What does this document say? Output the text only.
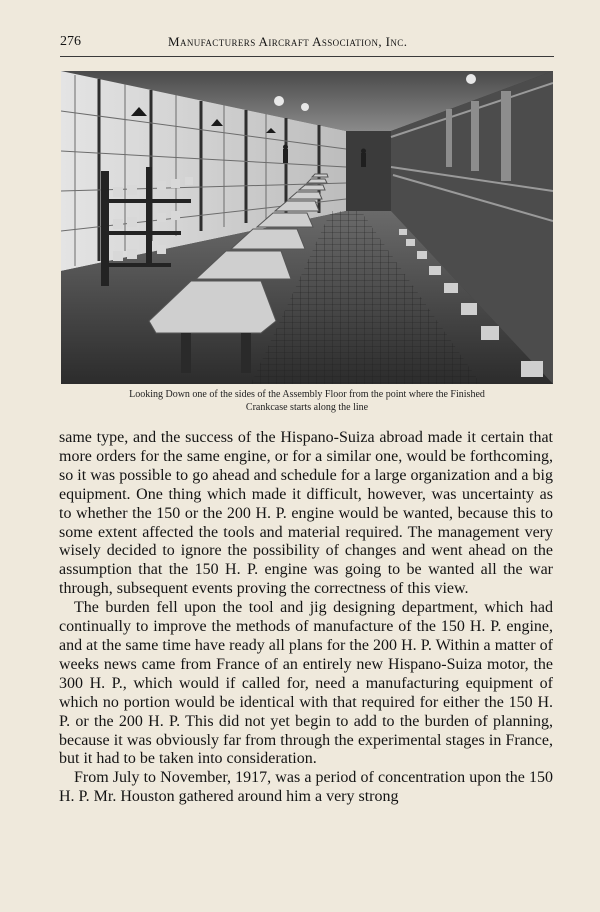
276	Manufacturers Aircraft Association, Inc.
Looking Down one of the sides of the Assembly Floor from the point where the Finished
Crankcase starts along the line

same type, and the success of the Hispano-Suiza abroad made it certain that more orders for the same engine, or for a similar one, would be forthcoming, so it was possible to go ahead and schedule for a large organization and a big equipment. One thing which made it difficult, however, was uncertainty as to whether the 150 or the 200 H. P. engine would be wanted, because this to some extent affected the tools and material required. The management very wisely decided to ignore the possibility of changes and went ahead on the assumption that the 150 H. P. engine was going to be wanted all the war through, subsequent events proving the correctness of this view.

The burden fell upon the tool and jig designing department, which had continually to improve the methods of manufacture of the 150 H. P. engine, and at the same time have ready all plans for the 200 H. P. Within a matter of weeks news came from France of an entirely new Hispano-Suiza motor, the 300 H. P., which would if called for, need a manufacturing equipment of which no portion would be identical with that required for either the 150 H. P. or the 200 H. P. This did not yet begin to add to the burden of planning, because it was obviously far from through the experimental stages in France, but it had to be taken into consideration.

From July to November, 1917, was a period of concentration upon the 150 H. P. Mr. Houston gathered around him a very strong
